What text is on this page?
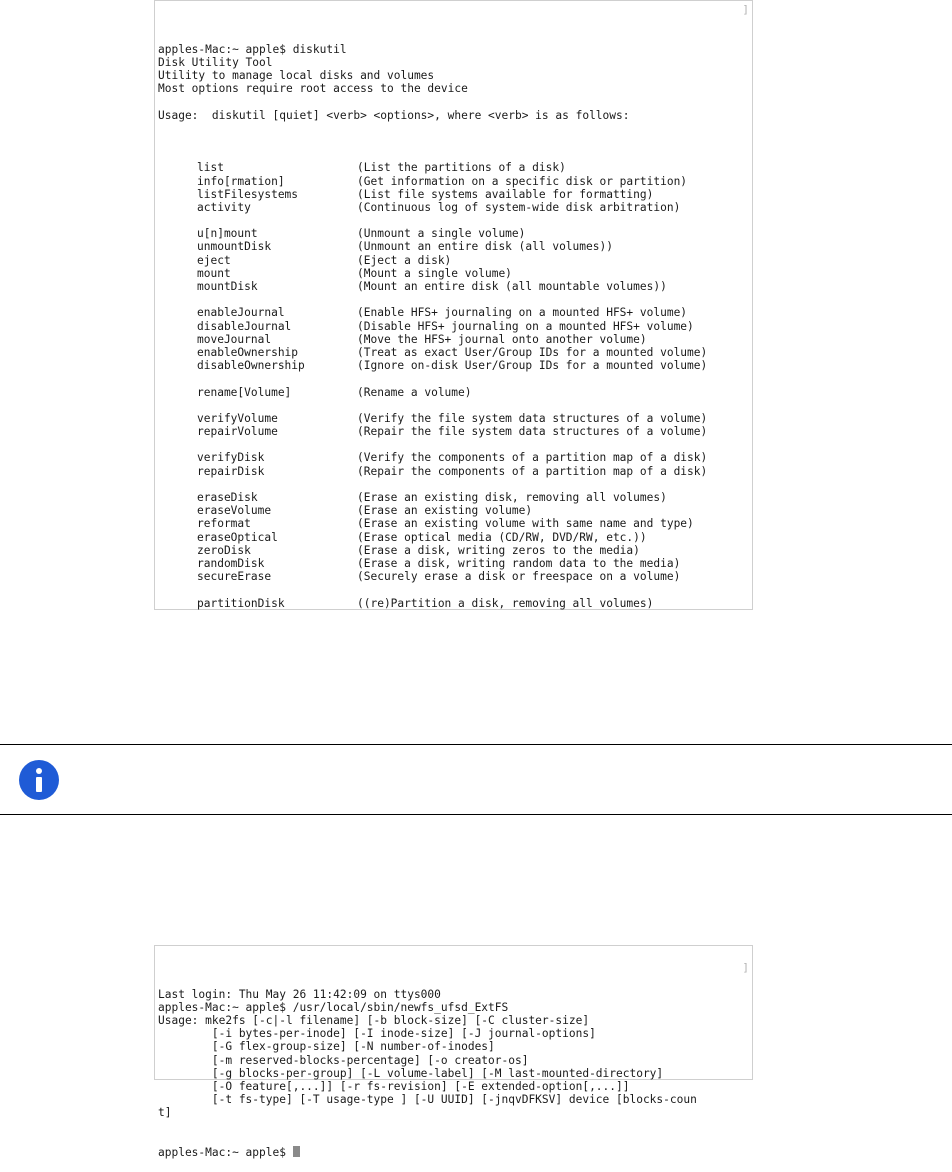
]

apples-Mac:~ apple$ diskutil
Disk Utility Tool
Utility to manage local disks and volumes
Most options require root access to the device
Usage:  diskutil [quiet] <verb> <options>, where <verb> is as follows:

list	(List the partitions of a disk)
info[rmation]	(Get information on a specific disk or partition)
listFilesystems	(List file systems available for formatting)
activity	(Continuous log of system-wide disk arbitration)
u[n]mount	(Unmount a single volume)
unmountDisk	(Unmount an entire disk (all volumes))
eject	(Eject a disk)
mount	(Mount a single volume)
mountDisk	(Mount an entire disk (all mountable volumes))
enableJournal	(Enable HFS+ journaling on a mounted HFS+ volume)
disableJournal	(Disable HFS+ journaling on a mounted HFS+ volume)
moveJournal	(Move the HFS+ journal onto another volume)
enableOwnership	(Treat as exact User/Group IDs for a mounted volume)
disableOwnership	(Ignore on-disk User/Group IDs for a mounted volume)
rename[Volume]	(Rename a volume)
verifyVolume	(Verify the file system data structures of a volume)
repairVolume	(Repair the file system data structures of a volume)
verifyDisk	(Verify the components of a partition map of a disk)
repairDisk	(Repair the components of a partition map of a disk)
eraseDisk	(Erase an existing disk, removing all volumes)
eraseVolume	(Erase an existing volume)
reformat	(Erase an existing volume with same name and type)
eraseOptical	(Erase optical media (CD/RW, DVD/RW, etc.))
zeroDisk	(Erase a disk, writing zeros to the media)
randomDisk	(Erase a disk, writing random data to the media)
secureErase	(Securely erase a disk or freespace on a volume)
partitionDisk	((re)Partition a disk, removing all volumes)

]

Last login: Thu May 26 11:42:09 on ttys000
apples-Mac:~ apple$ /usr/local/sbin/newfs_ufsd_ExtFS
Usage: mke2fs [-c|-l filename] [-b block-size] [-C cluster-size]
[-i bytes-per-inode] [-I inode-size] [-J journal-options]
[-G flex-group-size] [-N number-of-inodes]
[-m reserved-blocks-percentage] [-o creator-os]
[-g blocks-per-group] [-L volume-label] [-M last-mounted-directory]
[-O feature[,...]] [-r fs-revision] [-E extended-option[,...]]
[-t fs-type] [-T usage-type ] [-U UUID] [-jnqvDFKSV] device [blocks-coun
t]

apples-Mac:~ apple$
